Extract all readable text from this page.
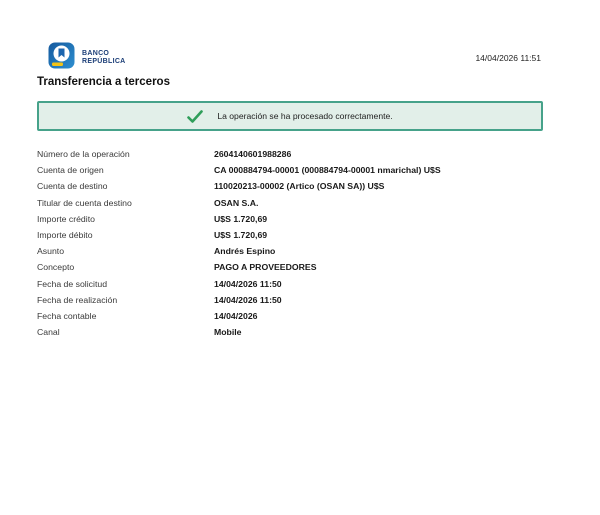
BANCO
REPÚBLICA	14/04/2026 11:51
Transferencia a terceros
La operación se ha procesado correctamente.
Número de la operación	2604140601988286
Cuenta de origen	CA 000884794-00001 (000884794-00001 nmarichal) U$S
Cuenta de destino	110020213-00002 (Artico (OSAN SA)) U$S
Titular de cuenta destino	OSAN S.A.
Importe crédito	U$S 1.720,69
Importe débito	U$S 1.720,69
Asunto	Andrés Espino
Concepto	PAGO A PROVEEDORES
Fecha de solicitud	14/04/2026 11:50
Fecha de realización	14/04/2026 11:50
Fecha contable	14/04/2026
Canal	Mobile
